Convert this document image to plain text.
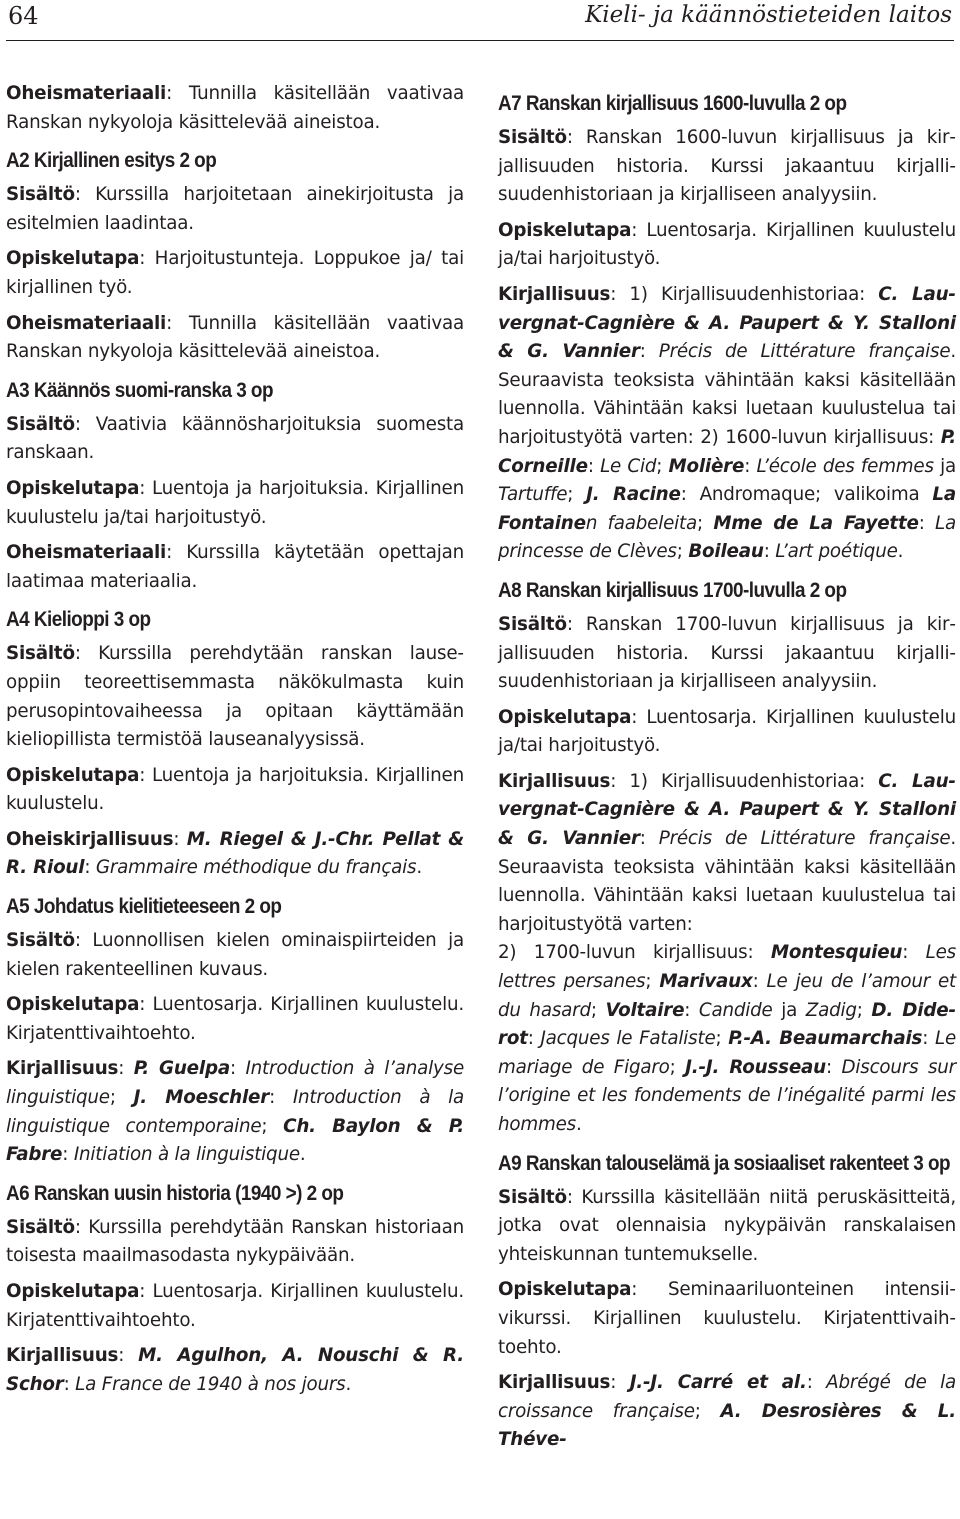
64	Kieli- ja käännöstieteiden laitos

Oheismateriaali: Tunnilla käsitellään vaativaa Ranskan nykyoloja käsittelevää aineistoa.

A2 Kirjallinen esitys 2 op

Sisältö: Kurssilla harjoitetaan ainekirjoitusta ja esitelmien laadintaa.

Opiskelutapa: Harjoitustunteja. Loppukoe ja/ tai kirjallinen työ.

Oheismateriaali: Tunnilla käsitellään vaativaa Ranskan nykyoloja käsittelevää aineistoa.

A3 Käännös suomi-ranska 3 op

Sisältö: Vaativia käännösharjoituksia suomesta ranskaan.

Opiskelutapa: Luentoja ja harjoituksia. Kirjallinen kuulustelu ja/tai harjoitustyö.

Oheismateriaali: Kurssilla käytetään opettajan laatimaa materiaalia.

A4 Kielioppi 3 op

Sisältö: Kurssilla perehdytään ranskan lauseoppiin teoreettisemmasta näkökulmasta kuin perusopintovaiheessa ja opitaan käyttämään kieliopillista termistöä lauseanalyysissä.

Opiskelutapa: Luentoja ja harjoituksia. Kirjallinen kuulustelu.

Oheiskirjallisuus: M. Riegel & J.-Chr. Pellat & R. Rioul: Grammaire méthodique du français.

A5 Johdatus kielitieteeseen 2 op

Sisältö: Luonnollisen kielen ominaispiirteiden ja kielen rakenteellinen kuvaus.

Opiskelutapa: Luentosarja. Kirjallinen kuulustelu. Kirjatenttivaihtoehto.

Kirjallisuus: P. Guelpa: Introduction à l’analyse linguistique; J. Moeschler: Introduction à la linguistique contemporaine; Ch. Baylon & P. Fabre: Initiation à la linguistique.

A6 Ranskan uusin historia (1940 >) 2 op

Sisältö: Kurssilla perehdytään Ranskan historiaan toisesta maailmasodasta nykypäivään.

Opiskelutapa: Luentosarja. Kirjallinen kuulustelu. Kirjatenttivaihtoehto.

Kirjallisuus: M. Agulhon, A. Nouschi & R. Schor: La France de 1940 à nos jours.

A7 Ranskan kirjallisuus 1600-luvulla 2 op

Sisältö: Ranskan 1600-luvun kirjallisuus ja kirjallisuuden historia. Kurssi jakaantuu kirjallisuudenhistoriaan ja kirjalliseen analyysiin.

Opiskelutapa: Luentosarja. Kirjallinen kuulustelu ja/tai harjoitustyö.

Kirjallisuus: 1) Kirjallisuudenhistoriaa: C. Lauvergnat-Cagnière & A. Paupert & Y. Stalloni & G. Vannier: Précis de Littérature française. Seuraavista teoksista vähintään kaksi käsitellään luennolla. Vähintään kaksi luetaan kuulustelua tai harjoitustyötä varten: 2) 1600-luvun kirjallisuus: P. Corneille: Le Cid; Molière: L’école des femmes ja Tartuffe; J. Racine: Andromaque; valikoima La Fontainen faabeleita; Mme de La Fayette: La princesse de Clèves; Boileau: L’art poétique.

A8 Ranskan kirjallisuus 1700-luvulla 2 op

Sisältö: Ranskan 1700-luvun kirjallisuus ja kirjallisuuden historia. Kurssi jakaantuu kirjallisuudenhistoriaan ja kirjalliseen analyysiin.

Opiskelutapa: Luentosarja. Kirjallinen kuulustelu ja/tai harjoitustyö.

Kirjallisuus: 1) Kirjallisuudenhistoriaa: C. Lauvergnat-Cagnière & A. Paupert & Y. Stalloni & G. Vannier: Précis de Littérature française. Seuraavista teoksista vähintään kaksi käsitellään luennolla. Vähintään kaksi luetaan kuulustelua tai harjoitustyötä varten:

2) 1700-luvun kirjallisuus: Montesquieu: Les lettres persanes; Marivaux: Le jeu de l’amour et du hasard; Voltaire: Candide ja Zadig; D. Diderot: Jacques le Fataliste; P.-A. Beaumarchais: Le mariage de Figaro; J.-J. Rousseau: Discours sur l’origine et les fondements de l’inégalité parmi les hommes.

A9 Ranskan talouselämä ja sosiaaliset rakenteet 3 op

Sisältö: Kurssilla käsitellään niitä peruskäsitteitä, jotka ovat olennaisia nykypäivän ranskalaisen yhteiskunnan tuntemukselle.

Opiskelutapa: Seminaariluonteinen intensiivikurssi. Kirjallinen kuulustelu. Kirjatenttivaihtoehto.

Kirjallisuus: J.-J. Carré et al.: Abrégé de la croissance française; A. Desrosières & L. Théve-
